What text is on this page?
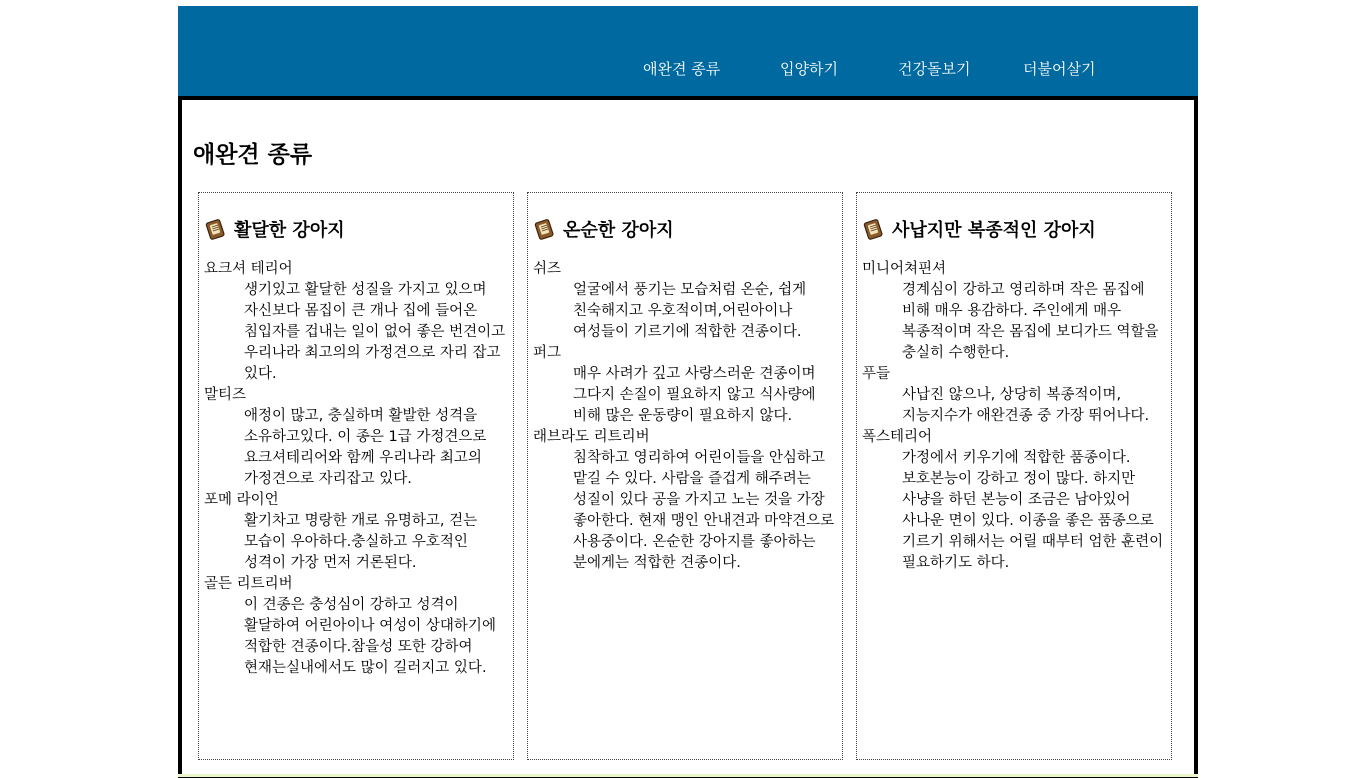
애완견 종류	입양하기	건강돌보기	더불어살기
애완견 종류
활달한 강아지
요크셔 테리어
생기있고 활달한 성질을 가지고 있으며 자신보다 몸집이 큰 개나 집에 들어온 침입자를 겁내는 일이 없어 좋은 번견이고 우리나라 최고의의 가정견으로 자리 잡고 있다.
말티즈
애정이 많고, 충실하며 활발한 성격을 소유하고있다. 이 종은 1급 가정견으로 요크셔테리어와 함께 우리나라 최고의 가정견으로 자리잡고 있다.
포메 라이언
활기차고 명랑한 개로 유명하고, 걷는 모습이 우아하다.충실하고 우호적인 성격이 가장 먼저 거론된다.
골든 리트리버
이 견종은 충성심이 강하고 성격이 활달하여 어린아이나 여성이 상대하기에 적합한 견종이다.참을성 또한 강하여 현재는실내에서도 많이 길러지고 있다.
온순한 강아지
쉬즈
얼굴에서 풍기는 모습처럼 온순, 쉽게 친숙해지고 우호적이며,어린아이나 여성들이 기르기에 적합한 견종이다.
퍼그
매우 사려가 깊고 사랑스러운 견종이며 그다지 손질이 필요하지 않고 식사량에 비해 많은 운동량이 필요하지 않다.
래브라도 리트리버
침착하고 영리하여 어린이들을 안심하고 맡길 수 있다. 사람을 즐겁게 해주려는 성질이 있다 공을 가지고 노는 것을 가장 좋아한다. 현재 맹인 안내견과 마약견으로 사용중이다. 온순한 강아지를 좋아하는 분에게는 적합한 견종이다.
사납지만 복종적인 강아지
미니어쳐핀셔
경계심이 강하고 영리하며 작은 몸집에 비해 매우 용감하다. 주인에게 매우 복종적이며 작은 몸집에 보디가드 역할을 충실히 수행한다.
푸들
사납진 않으나, 상당히 복종적이며, 지능지수가 애완견종 중 가장 뛰어나다.
폭스테리어
가정에서 키우기에 적합한 품종이다. 보호본능이 강하고 정이 많다. 하지만 사냥을 하던 본능이 조금은 남아있어 사나운 면이 있다. 이종을 좋은 품종으로 기르기 위해서는 어릴 때부터 엄한 훈련이 필요하기도 하다.
